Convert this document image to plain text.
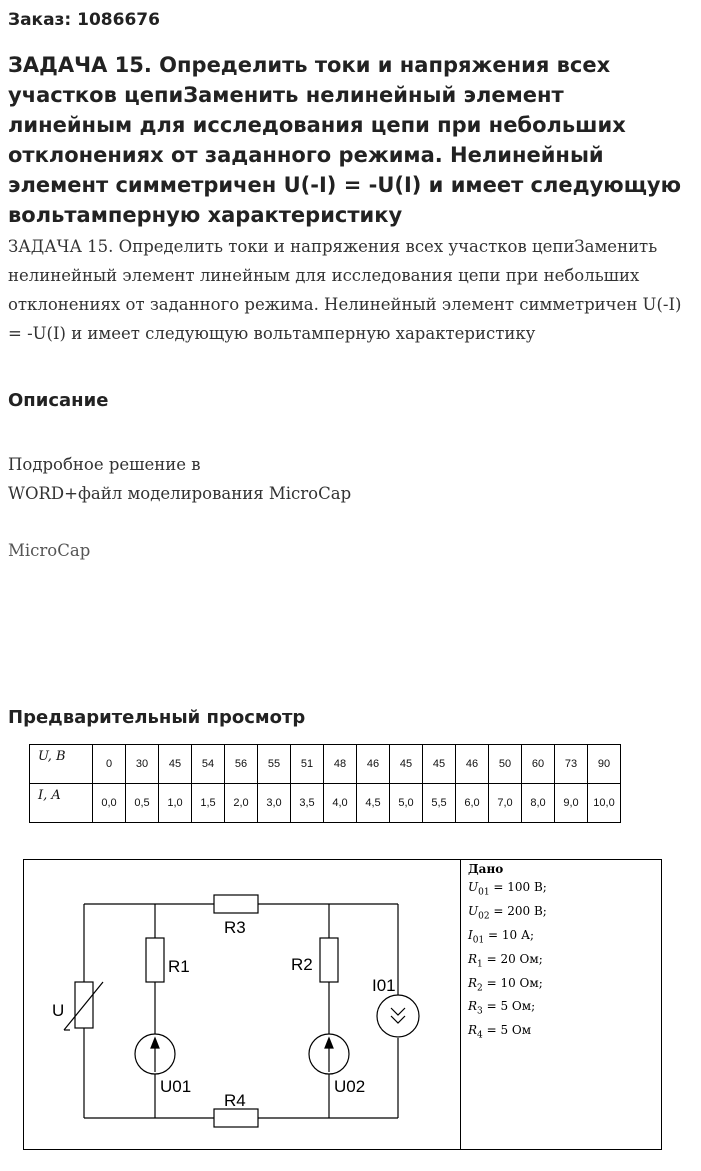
Заказ: 1086676
ЗАДАЧА 15. Определить токи и напряжения всех участков цепиЗаменить нелинейный элемент линейным для исследования цепи при небольших отклонениях от заданного режима. Нелинейный элемент симметричен U(-I) = -U(I) и имеет следующую вольтамперную характеристику
ЗАДАЧА 15. Определить токи и напряжения всех участков цепиЗаменить нелинейный элемент линейным для исследования цепи при небольших отклонениях от заданного режима. Нелинейный элемент симметричен U(-I) = -U(I) и имеет следующую вольтамперную характеристику
Описание
Подробное решение в
WORD+файл моделирования MicroCap
MicroCap
Предварительный просмотр
U, B	0	30	45	54	56	55	51	48	46	45	45	46	50	60	73	90
I, A	0,0	0,5	1,0	1,5	2,0	3,0	3,5	4,0	4,5	5,0	5,5	6,0	7,0	8,0	9,0	10,0
R3
R4
R1	R2
U
U01	U02
I01
Дано
$U_{01} = 100$ В;
$U_{02} = 200$ В;
$I_{01} = 10$ А;
$R_1 = 20$ Ом;
$R_2 = 10$ Ом;
$R_3 = 5$ Ом;
$R_4 = 5$ Ом
